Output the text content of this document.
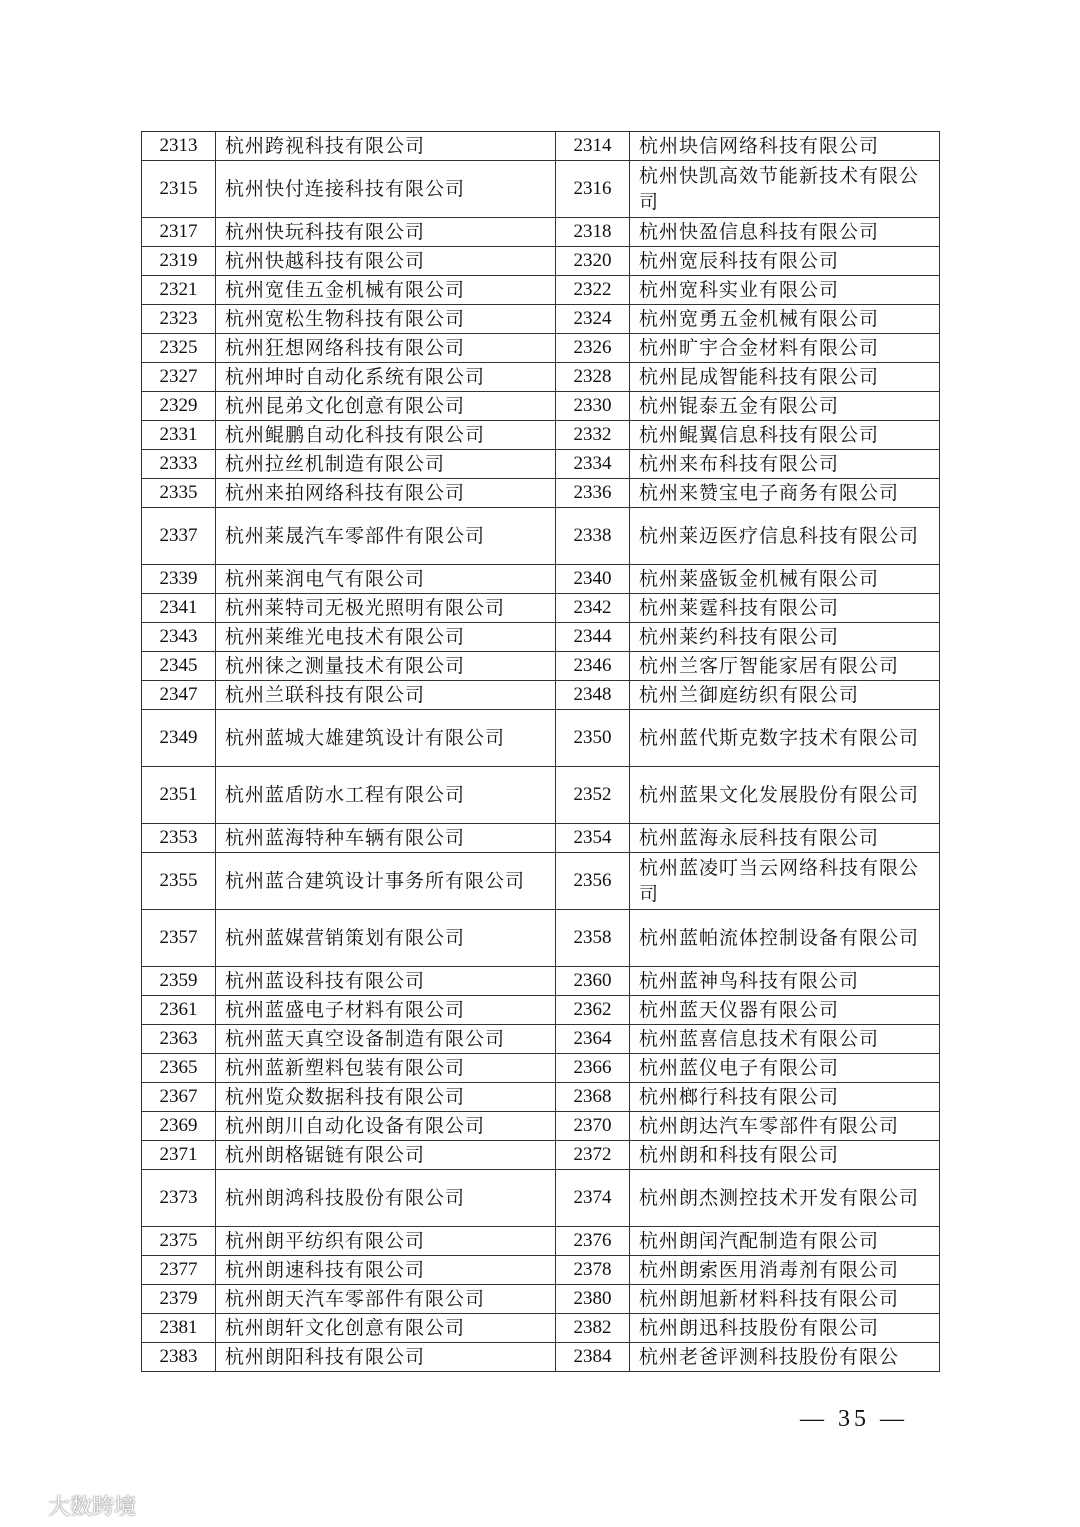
2313	杭州跨视科技有限公司	2314	杭州块信网络科技有限公司
2315	杭州快付连接科技有限公司	2316	杭州快凯高效节能新技术有限公司
2317	杭州快玩科技有限公司	2318	杭州快盈信息科技有限公司
2319	杭州快越科技有限公司	2320	杭州宽辰科技有限公司
2321	杭州宽佳五金机械有限公司	2322	杭州宽科实业有限公司
2323	杭州宽松生物科技有限公司	2324	杭州宽勇五金机械有限公司
2325	杭州狂想网络科技有限公司	2326	杭州旷宇合金材料有限公司
2327	杭州坤时自动化系统有限公司	2328	杭州昆成智能科技有限公司
2329	杭州昆弟文化创意有限公司	2330	杭州锟泰五金有限公司
2331	杭州鲲鹏自动化科技有限公司	2332	杭州鲲翼信息科技有限公司
2333	杭州拉丝机制造有限公司	2334	杭州来布科技有限公司
2335	杭州来拍网络科技有限公司	2336	杭州来赞宝电子商务有限公司
2337	杭州莱晟汽车零部件有限公司	2338	杭州莱迈医疗信息科技有限公司
2339	杭州莱润电气有限公司	2340	杭州莱盛钣金机械有限公司
2341	杭州莱特司无极光照明有限公司	2342	杭州莱霆科技有限公司
2343	杭州莱维光电技术有限公司	2344	杭州莱约科技有限公司
2345	杭州徕之测量技术有限公司	2346	杭州兰客厅智能家居有限公司
2347	杭州兰联科技有限公司	2348	杭州兰御庭纺织有限公司
2349	杭州蓝城大雄建筑设计有限公司	2350	杭州蓝代斯克数字技术有限公司
2351	杭州蓝盾防水工程有限公司	2352	杭州蓝果文化发展股份有限公司
2353	杭州蓝海特种车辆有限公司	2354	杭州蓝海永辰科技有限公司
2355	杭州蓝合建筑设计事务所有限公司	2356	杭州蓝凌叮当云网络科技有限公司
2357	杭州蓝媒营销策划有限公司	2358	杭州蓝帕流体控制设备有限公司
2359	杭州蓝设科技有限公司	2360	杭州蓝神鸟科技有限公司
2361	杭州蓝盛电子材料有限公司	2362	杭州蓝天仪器有限公司
2363	杭州蓝天真空设备制造有限公司	2364	杭州蓝喜信息技术有限公司
2365	杭州蓝新塑料包装有限公司	2366	杭州蓝仪电子有限公司
2367	杭州览众数据科技有限公司	2368	杭州榔行科技有限公司
2369	杭州朗川自动化设备有限公司	2370	杭州朗达汽车零部件有限公司
2371	杭州朗格锯链有限公司	2372	杭州朗和科技有限公司
2373	杭州朗鸿科技股份有限公司	2374	杭州朗杰测控技术开发有限公司
2375	杭州朗平纺织有限公司	2376	杭州朗闰汽配制造有限公司
2377	杭州朗速科技有限公司	2378	杭州朗索医用消毒剂有限公司
2379	杭州朗天汽车零部件有限公司	2380	杭州朗旭新材料科技有限公司
2381	杭州朗轩文化创意有限公司	2382	杭州朗迅科技股份有限公司
2383	杭州朗阳科技有限公司	2384	杭州老爸评测科技股份有限公
— 35 —
大数跨境
